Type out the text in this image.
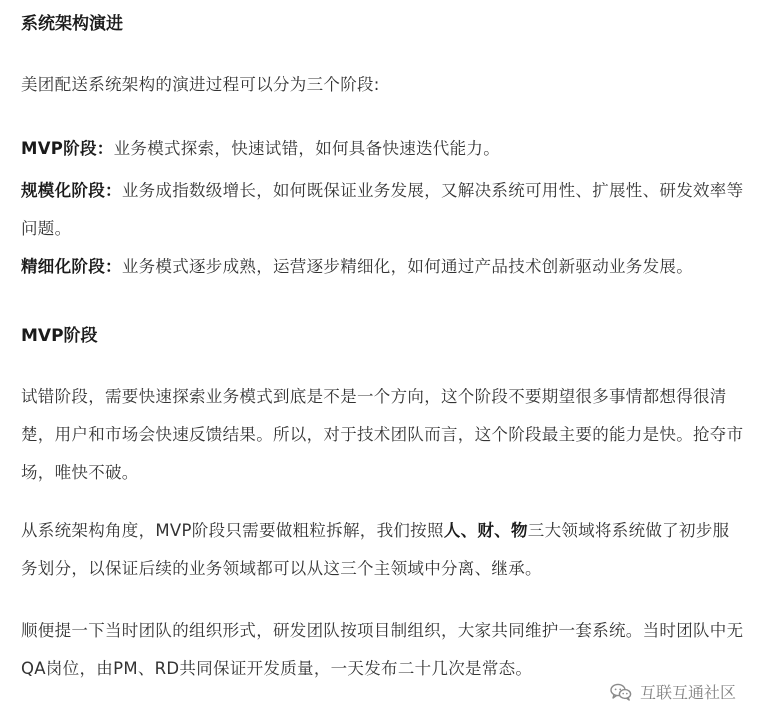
系统架构演进
美团配送系统架构的演进过程可以分为三个阶段:
MVP阶段：业务模式探索，快速试错，如何具备快速迭代能力。
规模化阶段：业务成指数级增长，如何既保证业务发展，又解决系统可用性、扩展性、研发效率等问题。
精细化阶段：业务模式逐步成熟，运营逐步精细化，如何通过产品技术创新驱动业务发展。
MVP阶段
试错阶段，需要快速探索业务模式到底是不是一个方向，这个阶段不要期望很多事情都想得很清楚，用户和市场会快速反馈结果。所以，对于技术团队而言，这个阶段最主要的能力是快。抢夺市场，唯快不破。
从系统架构角度，MVP阶段只需要做粗粒拆解，我们按照人、财、物三大领域将系统做了初步服务划分，以保证后续的业务领域都可以从这三个主领域中分离、继承。
顺便提一下当时团队的组织形式，研发团队按项目制组织，大家共同维护一套系统。当时团队中无QA岗位，由PM、RD共同保证开发质量，一天发布二十几次是常态。
互联互通社区
